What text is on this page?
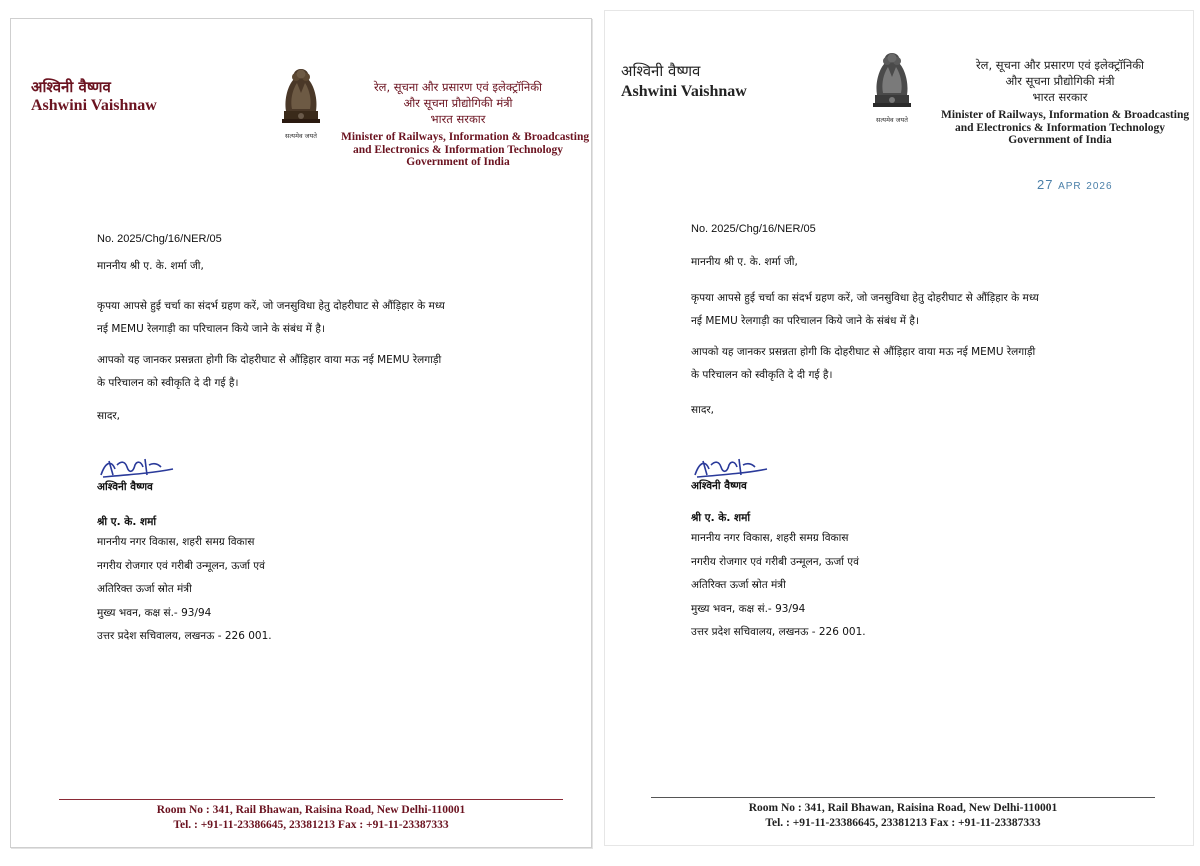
अश्विनी वैष्णव
Ashwini Vaishnaw
सत्यमेव जयते
रेल, सूचना और प्रसारण एवं इलेक्ट्रॉनिकी
और सूचना प्रौद्योगिकी मंत्री
भारत सरकार
Minister of Railways, Information & Broadcasting
and Electronics & Information Technology
Government of India
No. 2025/Chg/16/NER/05
माननीय श्री ए. के. शर्मा जी,
कृपया आपसे हुई चर्चा का संदर्भ ग्रहण करें, जो जनसुविधा हेतु दोहरीघाट से औंड़िहार के मध्य
नई MEMU रेलगाड़ी का परिचालन किये जाने के संबंध में है।
आपको यह जानकर प्रसन्नता होगी कि दोहरीघाट से औंड़िहार वाया मऊ नई MEMU रेलगाड़ी
के परिचालन को स्वीकृति दे दी गई है।
सादर,
अश्विनी वैष्णव
श्री ए. के. शर्मा
माननीय नगर विकास, शहरी समग्र विकास
नगरीय रोजगार एवं गरीबी उन्मूलन, ऊर्जा एवं
अतिरिक्त ऊर्जा स्रोत मंत्री
मुख्य भवन, कक्ष सं.- 93/94
उत्तर प्रदेश सचिवालय, लखनऊ - 226 001.
Room No : 341, Rail Bhawan, Raisina Road, New Delhi-110001
Tel. : +91-11-23386645, 23381213 Fax : +91-11-23387333
अश्विनी वैष्णव
Ashwini Vaishnaw
सत्यमेव जयते
रेल, सूचना और प्रसारण एवं इलेक्ट्रॉनिकी
और सूचना प्रौद्योगिकी मंत्री
भारत सरकार
Minister of Railways, Information & Broadcasting
and Electronics & Information Technology
Government of India
27 APR 2026
No. 2025/Chg/16/NER/05
माननीय श्री ए. के. शर्मा जी,
कृपया आपसे हुई चर्चा का संदर्भ ग्रहण करें, जो जनसुविधा हेतु दोहरीघाट से औंड़िहार के मध्य
नई MEMU रेलगाड़ी का परिचालन किये जाने के संबंध में है।
आपको यह जानकर प्रसन्नता होगी कि दोहरीघाट से औंड़िहार वाया मऊ नई MEMU रेलगाड़ी
के परिचालन को स्वीकृति दे दी गई है।
सादर,
अश्विनी वैष्णव
श्री ए. के. शर्मा
माननीय नगर विकास, शहरी समग्र विकास
नगरीय रोजगार एवं गरीबी उन्मूलन, ऊर्जा एवं
अतिरिक्त ऊर्जा स्रोत मंत्री
मुख्य भवन, कक्ष सं.- 93/94
उत्तर प्रदेश सचिवालय, लखनऊ - 226 001.
Room No : 341, Rail Bhawan, Raisina Road, New Delhi-110001
Tel. : +91-11-23386645, 23381213 Fax : +91-11-23387333
